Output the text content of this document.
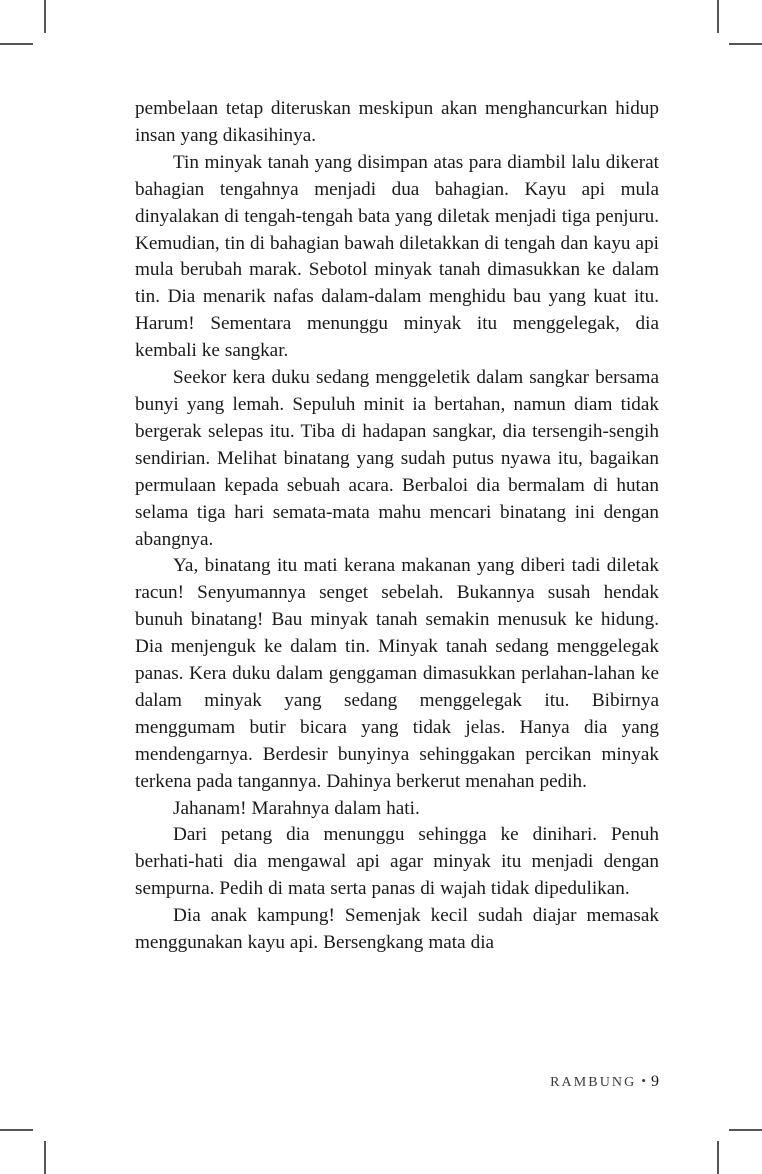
pembelaan tetap diteruskan meskipun akan menghancurkan hidup insan yang dikasihinya.

Tin minyak tanah yang disimpan atas para diambil lalu dikerat bahagian tengahnya menjadi dua bahagian. Kayu api mula dinyalakan di tengah-tengah bata yang diletak menjadi tiga penjuru. Kemudian, tin di bahagian bawah diletakkan di tengah dan kayu api mula berubah marak. Sebotol minyak tanah dimasukkan ke dalam tin. Dia menarik nafas dalam-dalam menghidu bau yang kuat itu. Harum! Sementara menunggu minyak itu menggelegak, dia kembali ke sangkar.

Seekor kera duku sedang menggeletik dalam sangkar bersama bunyi yang lemah. Sepuluh minit ia bertahan, namun diam tidak bergerak selepas itu. Tiba di hadapan sangkar, dia tersengih-sengih sendirian. Melihat binatang yang sudah putus nyawa itu, bagaikan permulaan kepada sebuah acara. Berbaloi dia bermalam di hutan selama tiga hari semata-mata mahu mencari binatang ini dengan abangnya.

Ya, binatang itu mati kerana makanan yang diberi tadi diletak racun! Senyumannya senget sebelah. Bukannya susah hendak bunuh binatang! Bau minyak tanah semakin menusuk ke hidung. Dia menjenguk ke dalam tin. Minyak tanah sedang menggelegak panas. Kera duku dalam genggaman dimasukkan perlahan-lahan ke dalam minyak yang sedang menggelegak itu. Bibirnya menggumam butir bicara yang tidak jelas. Hanya dia yang mendengarnya. Berdesir bunyinya sehinggakan percikan minyak terkena pada tangannya. Dahinya berkerut menahan pedih.

Jahanam! Marahnya dalam hati.

Dari petang dia menunggu sehingga ke dinihari. Penuh berhati-hati dia mengawal api agar minyak itu menjadi dengan sempurna. Pedih di mata serta panas di wajah tidak dipedulikan.

Dia anak kampung! Semenjak kecil sudah diajar memasak menggunakan kayu api. Bersengkang mata dia

RAMBUNG • 9
